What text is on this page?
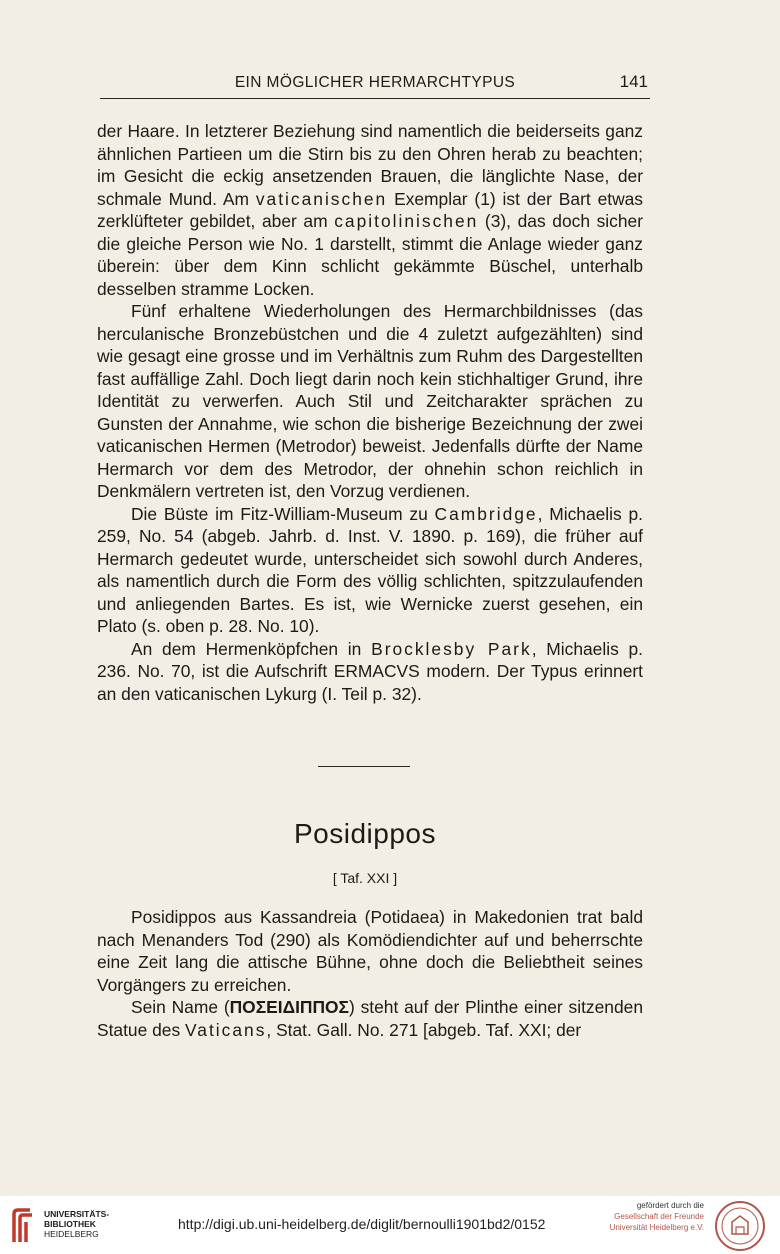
EIN MÖGLICHER HERMARCHTYPUS	141

der Haare. In letzterer Beziehung sind namentlich die beiderseits ganz ähnlichen Partieen um die Stirn bis zu den Ohren herab zu beachten; im Gesicht die eckig ansetzenden Brauen, die länglichte Nase, der schmale Mund. Am vaticanischen Exemplar (1) ist der Bart etwas zerklüfteter gebildet, aber am capitolinischen (3), das doch sicher die gleiche Person wie No. 1 darstellt, stimmt die Anlage wieder ganz überein: über dem Kinn schlicht gekämmte Büschel, unterhalb desselben stramme Locken.

Fünf erhaltene Wiederholungen des Hermarchbildnisses (das herculanische Bronzebüstchen und die 4 zuletzt aufgezählten) sind wie gesagt eine grosse und im Verhältnis zum Ruhm des Dargestellten fast auffällige Zahl. Doch liegt darin noch kein stichhaltiger Grund, ihre Identität zu verwerfen. Auch Stil und Zeitcharakter sprächen zu Gunsten der Annahme, wie schon die bisherige Bezeichnung der zwei vaticanischen Hermen (Metrodor) beweist. Jedenfalls dürfte der Name Hermarch vor dem des Metrodor, der ohnehin schon reichlich in Denkmälern vertreten ist, den Vorzug verdienen.

Die Büste im Fitz-William-Museum zu Cambridge, Michaelis p. 259, No. 54 (abgeb. Jahrb. d. Inst. V. 1890. p. 169), die früher auf Hermarch gedeutet wurde, unterscheidet sich sowohl durch Anderes, als namentlich durch die Form des völlig schlichten, spitzzulaufenden und anliegenden Bartes. Es ist, wie Wernicke zuerst gesehen, ein Plato (s. oben p. 28. No. 10).

An dem Hermenköpfchen in Brocklesby Park, Michaelis p. 236. No. 70, ist die Aufschrift ERMACVS modern. Der Typus erinnert an den vaticanischen Lykurg (I. Teil p. 32).

Posidippos
[ Taf. XXI ]

Posidippos aus Kassandreia (Potidaea) in Makedonien trat bald nach Menanders Tod (290) als Komödiendichter auf und beherrschte eine Zeit lang die attische Bühne, ohne doch die Beliebtheit seines Vorgängers zu erreichen.

Sein Name (ΠΟΣΕΙΔΙΠΠΟΣ) steht auf der Plinthe einer sitzenden Statue des Vaticans, Stat. Gall. No. 271 [abgeb. Taf. XXI; der

UNIVERSITÄTS-
BIBLIOTHEK
HEIDELBERG
http://digi.ub.uni-heidelberg.de/diglit/bernoulli1901bd2/0152
gefördert durch die
Gesellschaft der Freunde
Universität Heidelberg e.V.
